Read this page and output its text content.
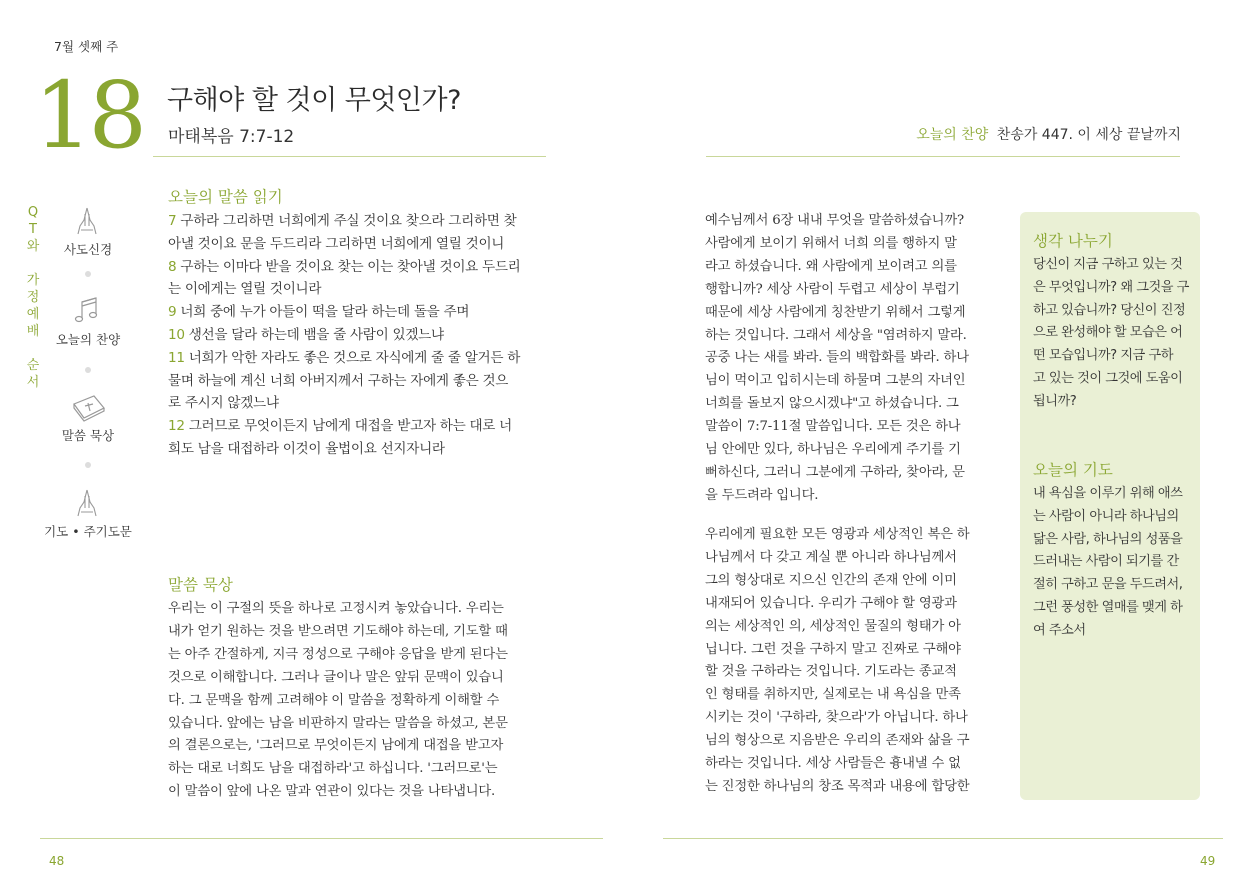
7월 셋째 주
18 구해야 할 것이 무엇인가?
마태복음 7:7-12	오늘의 찬양 찬송가 447. 이 세상 끝날까지
Q
T
와
가
정
예
배
순
서
사도신경
오늘의 찬양
말씀 묵상
기도 • 주기도문
오늘의 말씀 읽기
7 구하라 그리하면 너희에게 주실 것이요 찾으라 그리하면 찾
아낼 것이요 문을 두드리라 그리하면 너희에게 열릴 것이니
8 구하는 이마다 받을 것이요 찾는 이는 찾아낼 것이요 두드리
는 이에게는 열릴 것이니라
9 너희 중에 누가 아들이 떡을 달라 하는데 돌을 주며
10 생선을 달라 하는데 뱀을 줄 사람이 있겠느냐
11 너희가 악한 자라도 좋은 것으로 자식에게 줄 줄 알거든 하
물며 하늘에 계신 너희 아버지께서 구하는 자에게 좋은 것으
로 주시지 않겠느냐
12 그러므로 무엇이든지 남에게 대접을 받고자 하는 대로 너
희도 남을 대접하라 이것이 율법이요 선지자니라
말씀 묵상
우리는 이 구절의 뜻을 하나로 고정시켜 놓았습니다. 우리는
내가 얻기 원하는 것을 받으려면 기도해야 하는데, 기도할 때
는 아주 간절하게, 지극 정성으로 구해야 응답을 받게 된다는
것으로 이해합니다. 그러나 글이나 말은 앞뒤 문맥이 있습니
다. 그 문맥을 함께 고려해야 이 말씀을 정확하게 이해할 수
있습니다. 앞에는 남을 비판하지 말라는 말씀을 하셨고, 본문
의 결론으로는, '그러므로 무엇이든지 남에게 대접을 받고자
하는 대로 너희도 남을 대접하라'고 하십니다. '그러므로'는
이 말씀이 앞에 나온 말과 연관이 있다는 것을 나타냅니다.
예수님께서 6장 내내 무엇을 말씀하셨습니까?
사람에게 보이기 위해서 너희 의를 행하지 말
라고 하셨습니다. 왜 사람에게 보이려고 의를
행합니까? 세상 사람이 두렵고 세상이 부럽기
때문에 세상 사람에게 칭찬받기 위해서 그렇게
하는 것입니다. 그래서 세상을 "염려하지 말라.
공중 나는 새를 봐라. 들의 백합화를 봐라. 하나
님이 먹이고 입히시는데 하물며 그분의 자녀인
너희를 돌보지 않으시겠냐"고 하셨습니다. 그
말씀이 7:7-11절 말씀입니다. 모든 것은 하나
님 안에만 있다, 하나님은 우리에게 주기를 기
뻐하신다, 그러니 그분에게 구하라, 찾아라, 문
을 두드려라 입니다.
우리에게 필요한 모든 영광과 세상적인 복은 하
나님께서 다 갖고 계실 뿐 아니라 하나님께서
그의 형상대로 지으신 인간의 존재 안에 이미
내재되어 있습니다. 우리가 구해야 할 영광과
의는 세상적인 의, 세상적인 물질의 형태가 아
닙니다. 그런 것을 구하지 말고 진짜로 구해야
할 것을 구하라는 것입니다. 기도라는 종교적
인 형태를 취하지만, 실제로는 내 욕심을 만족
시키는 것이 '구하라, 찾으라'가 아닙니다. 하나
님의 형상으로 지음받은 우리의 존재와 삶을 구
하라는 것입니다. 세상 사람들은 흉내낼 수 없
는 진정한 하나님의 창조 목적과 내용에 합당한
생각 나누기
당신이 지금 구하고 있는 것
은 무엇입니까? 왜 그것을 구
하고 있습니까? 당신이 진정
으로 완성해야 할 모습은 어
떤 모습입니까? 지금 구하
고 있는 것이 그것에 도움이
됩니까?
오늘의 기도
내 욕심을 이루기 위해 애쓰
는 사람이 아니라 하나님의
닮은 사람, 하나님의 성품을
드러내는 사람이 되기를 간
절히 구하고 문을 두드려서,
그런 풍성한 열매를 맺게 하
여 주소서
48	49
